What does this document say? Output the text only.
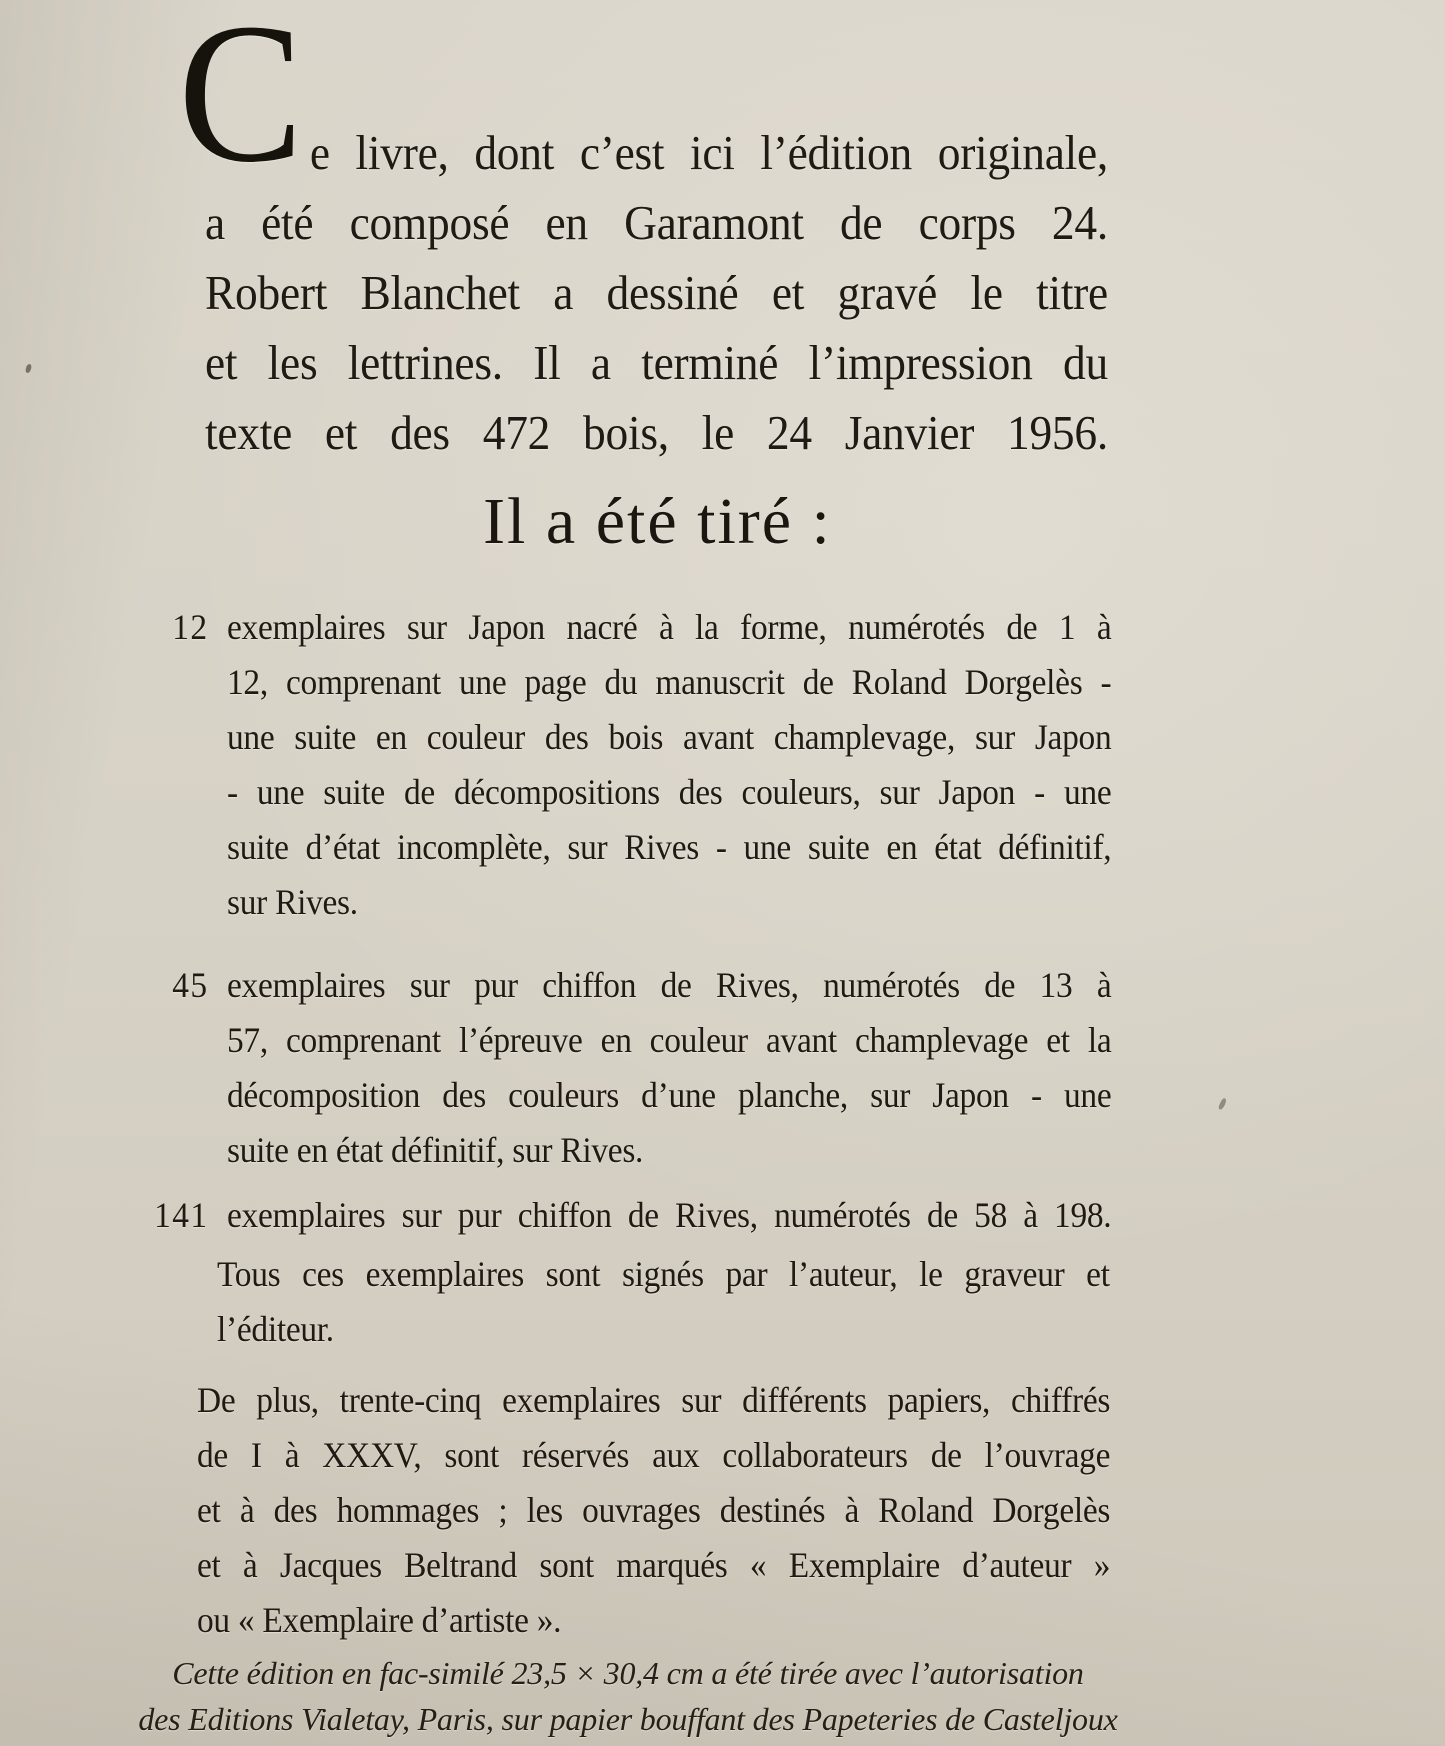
C e livre, dont c’est ici l’édition originale,
a été composé en Garamont de corps 24.
Robert Blanchet a dessiné et gravé le titre
et les lettrines. Il a terminé l’impression du
texte et des 472 bois, le 24 Janvier 1956.
Il a été tiré :
12 exemplaires sur Japon nacré à la forme, numérotés de 1 à
12, comprenant une page du manuscrit de Roland Dorgelès -
une suite en couleur des bois avant champlevage, sur Japon
- une suite de décompositions des couleurs, sur Japon - une
suite d’état incomplète, sur Rives - une suite en état définitif,
sur Rives.
45 exemplaires sur pur chiffon de Rives, numérotés de 13 à
57, comprenant l’épreuve en couleur avant champlevage et la
décomposition des couleurs d’une planche, sur Japon - une
suite en état définitif, sur Rives.
141 exemplaires sur pur chiffon de Rives, numérotés de 58 à 198.
Tous ces exemplaires sont signés par l’auteur, le graveur et
l’éditeur.
De plus, trente-cinq exemplaires sur différents papiers, chiffrés
de I à XXXV, sont réservés aux collaborateurs de l’ouvrage
et à des hommages ; les ouvrages destinés à Roland Dorgelès
et à Jacques Beltrand sont marqués « Exemplaire d’auteur »
ou « Exemplaire d’artiste ».
Cette édition en fac-similé 23,5 × 30,4 cm a été tirée avec l’autorisation
des Editions Vialetay, Paris, sur papier bouffant des Papeteries de Casteljoux
